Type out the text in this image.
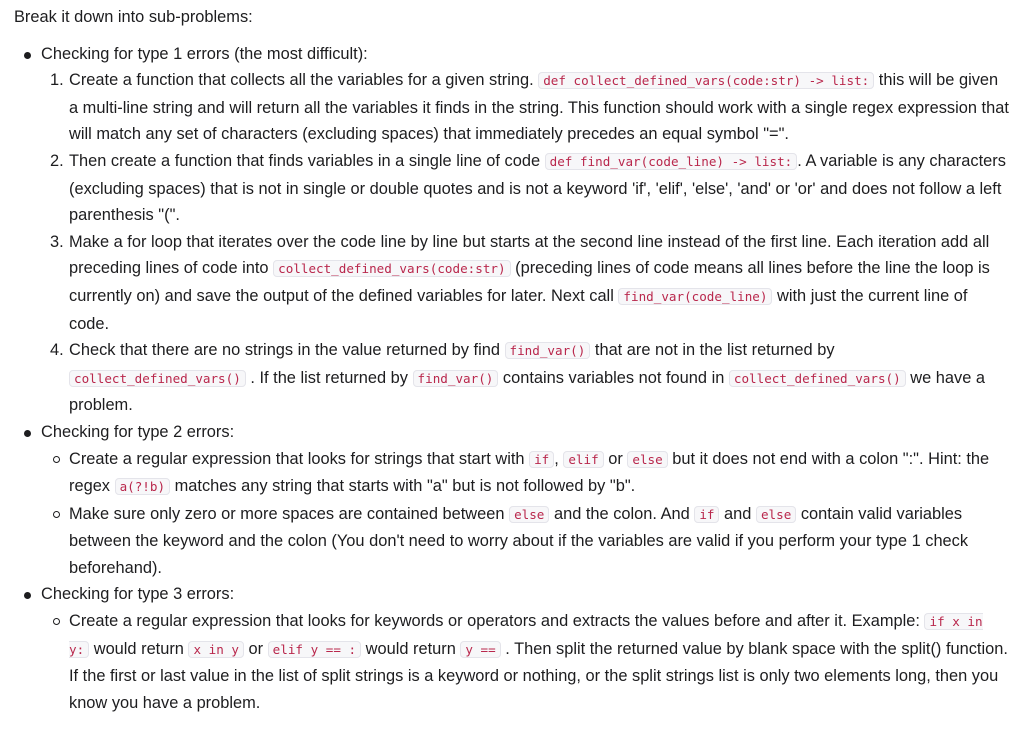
Break it down into sub-problems:
Checking for type 1 errors (the most difficult):
1. Create a function that collects all the variables for a given string. def collect_defined_vars(code:str) -> list: this will be given a multi-line string and will return all the variables it finds in the string. This function should work with a single regex expression that will match any set of characters (excluding spaces) that immediately precedes an equal symbol "=".
2. Then create a function that finds variables in a single line of code def find_var(code_line) -> list: . A variable is any characters (excluding spaces) that is not in single or double quotes and is not a keyword 'if', 'elif', 'else', 'and' or 'or' and does not follow a left parenthesis "(".
3. Make a for loop that iterates over the code line by line but starts at the second line instead of the first line. Each iteration add all preceding lines of code into collect_defined_vars(code:str) (preceding lines of code means all lines before the line the loop is currently on) and save the output of the defined variables for later. Next call find_var(code_line) with just the current line of code.
4. Check that there are no strings in the value returned by find find_var() that are not in the list returned by collect_defined_vars() . If the list returned by find_var() contains variables not found in collect_defined_vars() we have a problem.
Checking for type 2 errors:
Create a regular expression that looks for strings that start with if , elif or else but it does not end with a colon ":". Hint: the regex a(?!b) matches any string that starts with "a" but is not followed by "b".
Make sure only zero or more spaces are contained between else and the colon. And if and else contain valid variables between the keyword and the colon (You don't need to worry about if the variables are valid if you perform your type 1 check beforehand).
Checking for type 3 errors:
Create a regular expression that looks for keywords or operators and extracts the values before and after it. Example: if x in y: would return x in y or elif y == : would return y == . Then split the returned value by blank space with the split() function. If the first or last value in the list of split strings is a keyword or nothing, or the split strings list is only two elements long, then you know you have a problem.
